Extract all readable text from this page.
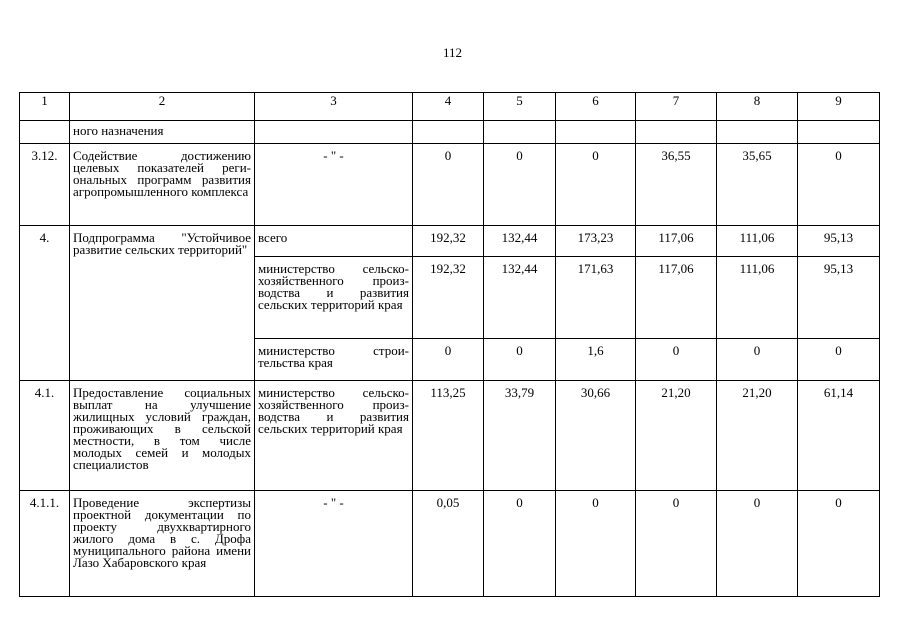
112
1	2	3	4	5	6	7	8	9
	ного назначения							
3.12.	Содействие достижению целевых показателей региональных программ развития агропромышленного комплекса	- " -	0	0	0	36,55	35,65	0
4.	Подпрограмма "Устойчивое развитие сельских территорий"	всего	192,32	132,44	173,23	117,06	111,06	95,13
		министерство сельскохозяйственного производства и развития сельских территорий края	192,32	132,44	171,63	117,06	111,06	95,13
		министерство строительства края	0	0	1,6	0	0	0
4.1.	Предоставление социальных выплат на улучшение жилищных условий граждан, проживающих в сельской местности, в том числе молодых семей и молодых специалистов	министерство сельскохозяйственного производства и развития сельских территорий края	113,25	33,79	30,66	21,20	21,20	61,14
4.1.1.	Проведение экспертизы проектной документации по проекту двухквартирного жилого дома в с. Дрофа муниципального района имени Лазо Хабаровского края	- " -	0,05	0	0	0	0	0
